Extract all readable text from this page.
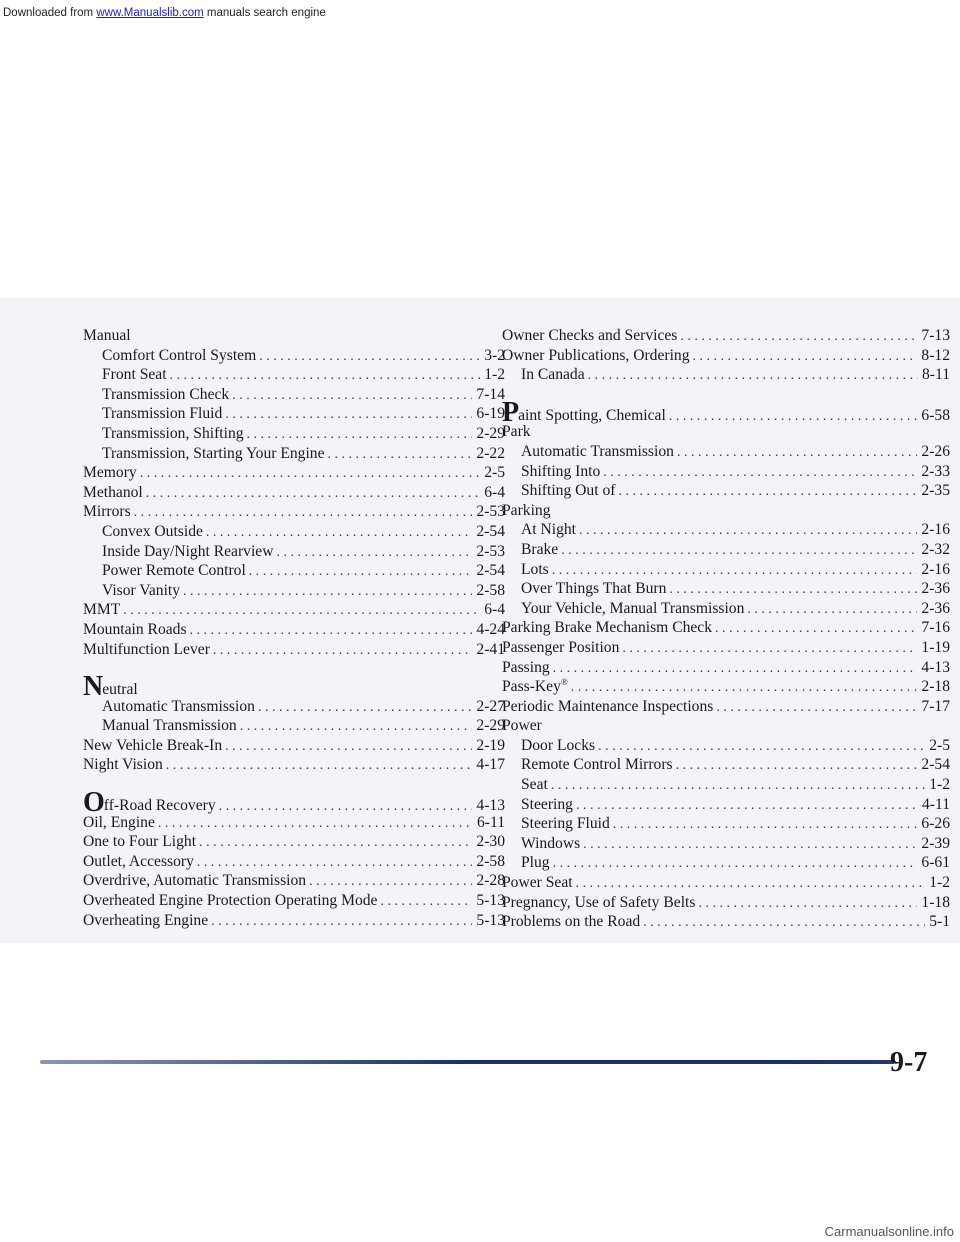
Downloaded from www.Manualslib.com manuals search engine
Carmanualsonline.info
Manual
Comfort Control System . . .	3-2
Front Seat . . .	1-2
Transmission Check . . .	7-14
Transmission Fluid . . .	6-19
Transmission, Shifting . . .	2-29
Transmission, Starting Your Engine . . .	2-22
Memory . . .	2-5
Methanol . . .	6-4
Mirrors . . .	2-53
Convex Outside . . .	2-54
Inside Day/Night Rearview . . .	2-53
Power Remote Control . . .	2-54
Visor Vanity . . .	2-58
MMT . . .	6-4
Mountain Roads . . .	4-24
Multifunction Lever . . .	2-41
Neutral
Automatic Transmission . . .	2-27
Manual Transmission . . .	2-29
New Vehicle Break-In . . .	2-19
Night Vision . . .	4-17
Off-Road Recovery . . .	4-13
Oil, Engine . . .	6-11
One to Four Light . . .	2-30
Outlet, Accessory . . .	2-58
Overdrive, Automatic Transmission . . .	2-28
Overheated Engine Protection Operating Mode . . .	5-13
Overheating Engine . . .	5-13
Owner Checks and Services . . .	7-13
Owner Publications, Ordering . . .	8-12
In Canada . . .	8-11
Paint Spotting, Chemical . . .	6-58
Park
Automatic Transmission . . .	2-26
Shifting Into . . .	2-33
Shifting Out of . . .	2-35
Parking
At Night . . .	2-16
Brake . . .	2-32
Lots . . .	2-16
Over Things That Burn . . .	2-36
Your Vehicle, Manual Transmission . . .	2-36
Parking Brake Mechanism Check . . .	7-16
Passenger Position . . .	1-19
Passing . . .	4-13
Pass-Key® . . .	2-18
Periodic Maintenance Inspections . . .	7-17
Power
Door Locks . . .	2-5
Remote Control Mirrors . . .	2-54
Seat . . .	1-2
Steering . . .	4-11
Steering Fluid . . .	6-26
Windows . . .	2-39
Plug . . .	6-61
Power Seat . . .	1-2
Pregnancy, Use of Safety Belts . . .	1-18
Problems on the Road . . .	5-1
9-7
